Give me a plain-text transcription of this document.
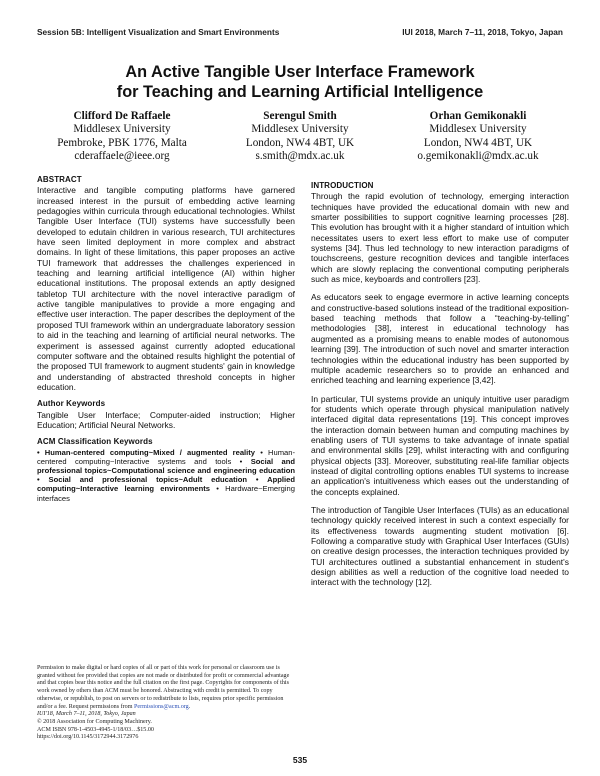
Session 5B: Intelligent Visualization and Smart Environments	IUI 2018, March 7–11, 2018, Tokyo, Japan
An Active Tangible User Interface Framework
for Teaching and Learning Artificial Intelligence
Clifford De Raffaele
Middlesex University
Pembroke, PBK 1776, Malta
cderaffaele@ieee.org
Serengul Smith
Middlesex University
London, NW4 4BT, UK
s.smith@mdx.ac.uk
Orhan Gemikonakli
Middlesex University
London, NW4 4BT, UK
o.gemikonakli@mdx.ac.uk

ABSTRACT

Interactive and tangible computing platforms have garnered increased interest in the pursuit of embedding active learning pedagogies within curricula through educational technologies. Whilst Tangible User Interface (TUI) systems have successfully been developed to edutain children in various research, TUI architectures have seen limited deployment in more complex and abstract domains. In light of these limitations, this paper proposes an active TUI framework that addresses the challenges experienced in teaching and learning artificial intelligence (AI) within higher educational institutions. The proposal extends an aptly designed tabletop TUI architecture with the novel interactive paradigm of active tangible manipulatives to provide a more engaging and effective user interaction. The paper describes the deployment of the proposed TUI framework within an undergraduate laboratory session to aid in the teaching and learning of artificial neural networks. The experiment is assessed against currently adopted educational computer software and the obtained results highlight the potential of the proposed TUI framework to augment students' gain in knowledge and understanding of abstracted threshold concepts in higher education.

Author Keywords

Tangible User Interface; Computer-aided instruction; Higher Education; Artificial Neural Networks.

ACM Classification Keywords

• Human-centered computing~Mixed / augmented reality • Human-centered computing~Interactive systems and tools • Social and professional topics~Computational science and engineering education • Social and professional topics~Adult education • Applied computing~Interactive learning environments • Hardware~Emerging interfaces

Permission to make digital or hard copies of all or part of this work for personal or classroom use is granted without fee provided that copies are not made or distributed for profit or commercial advantage and that copies bear this notice and the full citation on the first page. Copyrights for components of this work owned by others than ACM must be honored. Abstracting with credit is permitted. To copy otherwise, or republish, to post on servers or to redistribute to lists, requires prior specific permission and/or a fee. Request permissions from Permissions@acm.org.

IUI'18, March 7–11, 2018, Tokyo, Japan

© 2018 Association for Computing Machinery.

ACM ISBN 978-1-4503-4945-1/18/03…$15.00

https://doi.org/10.1145/3172944.3172976

INTRODUCTION

Through the rapid evolution of technology, emerging interaction techniques have provided the educational domain with new and smarter possibilities to support cognitive learning processes [28]. This evolution has brought with it a higher standard of intuition which necessitates users to exert less effort to make use of computer systems [34]. Thus led technology to new interaction paradigms of touchscreens, gesture recognition devices and tangible interfaces which are slowly replacing the conventional computing peripherals such as mice, keyboards and controllers [23].

As educators seek to engage evermore in active learning concepts and constructive-based solutions instead of the traditional exposition-based teaching methods that follow a “teaching-by-telling” methodologies [38], interest in educational technology has augmented as a promising means to enable modes of autonomous learning [39]. The introduction of such novel and smarter interaction technologies within the educational industry has been supported by multiple academic researchers so to provide an enhanced and enriched teaching and learning experience [3,42].

In particular, TUI systems provide an uniquly intuitive user paradigm for students which operate through physical manipulation natively interfaced digital data representations [19]. This concept improves the interaction domain between human and computing machines by enabling users of TUI systems to take advantage of innate spatial and environmental skills [29], whilst interacting with and configuring physical objects [33]. Moreover, substituting real-life familiar objects instead of digital controlling options enables TUI systems to increase an application's intuitiveness which eases out the understanding of the concepts explained.

The introduction of Tangible User Interfaces (TUIs) as an educational technology quickly received interest in such a context especially for its effectiveness towards augmenting student motivation [6]. Following a comparative study with Graphical User Interfaces (GUIs) on creative design processes, the interaction techniques provided by TUI architectures outlined a substantial enhancement in student's design abilities as well a reduction of the cognitive load needed to interact with the technology [12].

535
